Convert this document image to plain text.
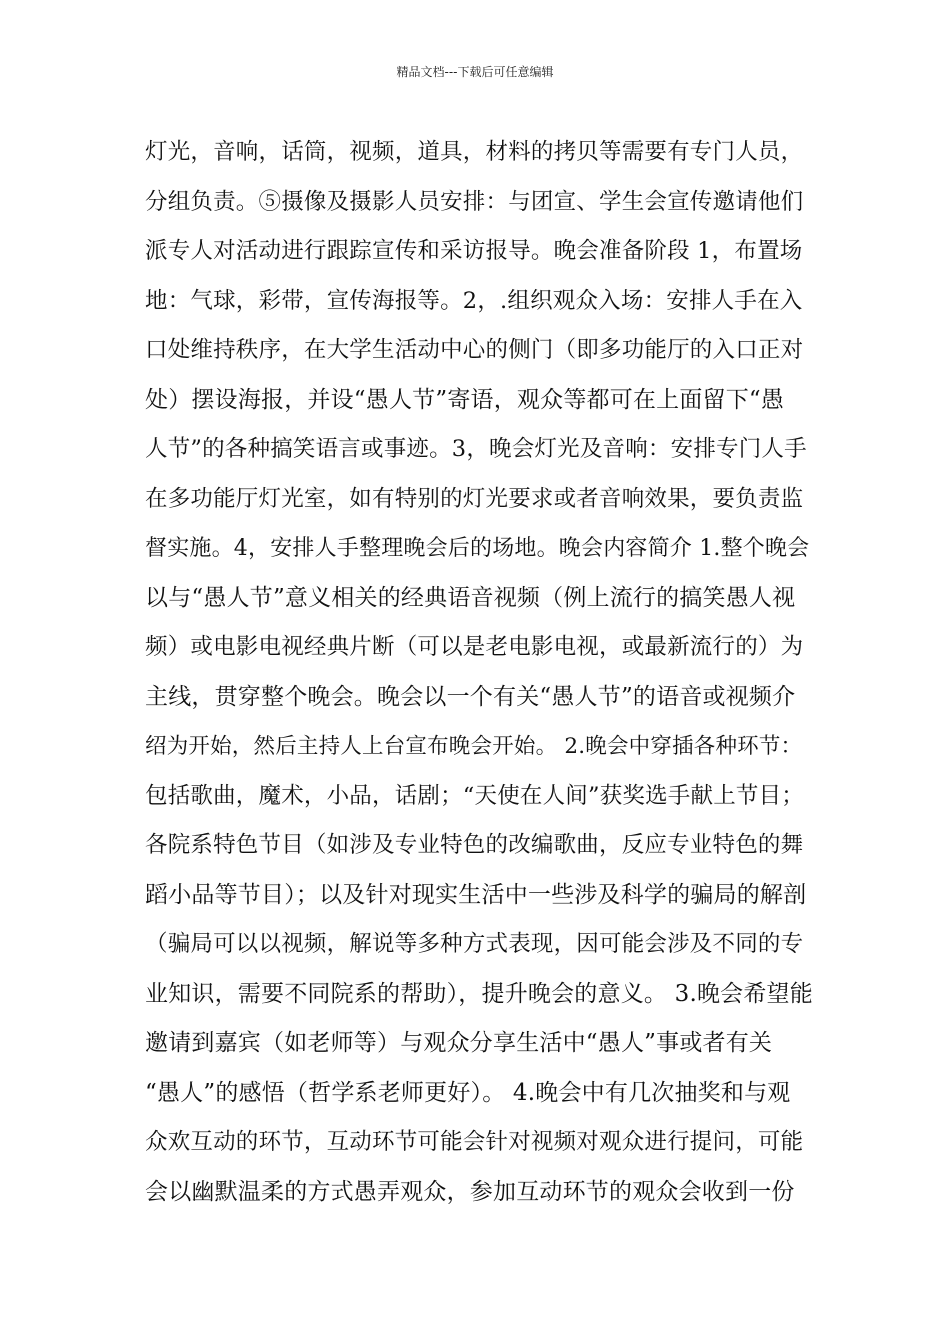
精品文档---下载后可任意编辑
灯光，音响，话筒，视频，道具，材料的拷贝等需要有专门人员，
分组负责。⑤摄像及摄影人员安排：与团宣、学生会宣传邀请他们
派专人对活动进行跟踪宣传和采访报导。晚会准备阶段 1，布置场
地：气球，彩带，宣传海报等。2，.组织观众入场：安排人手在入
口处维持秩序，在大学生活动中心的侧门（即多功能厅的入口正对
处）摆设海报，并设“愚人节”寄语，观众等都可在上面留下“愚
人节”的各种搞笑语言或事迹。3，晚会灯光及音响：安排专门人手
在多功能厅灯光室，如有特别的灯光要求或者音响效果，要负责监
督实施。4，安排人手整理晚会后的场地。晚会内容简介 1.整个晚会
以与“愚人节”意义相关的经典语音视频（例上流行的搞笑愚人视
频）或电影电视经典片断（可以是老电影电视，或最新流行的）为
主线，贯穿整个晚会。晚会以一个有关“愚人节”的语音或视频介
绍为开始，然后主持人上台宣布晚会开始。 2.晚会中穿插各种环节：
包括歌曲，魔术，小品，话剧；“天使在人间”获奖选手献上节目；
各院系特色节目（如涉及专业特色的改编歌曲，反应专业特色的舞
蹈小品等节目）；以及针对现实生活中一些涉及科学的骗局的解剖
（骗局可以以视频，解说等多种方式表现，因可能会涉及不同的专
业知识，需要不同院系的帮助），提升晚会的意义。 3.晚会希望能
邀请到嘉宾（如老师等）与观众分享生活中“愚人”事或者有关
“愚人”的感悟（哲学系老师更好）。 4.晚会中有几次抽奖和与观
众欢互动的环节，互动环节可能会针对视频对观众进行提问，可能
会以幽默温柔的方式愚弄观众，参加互动环节的观众会收到一份
